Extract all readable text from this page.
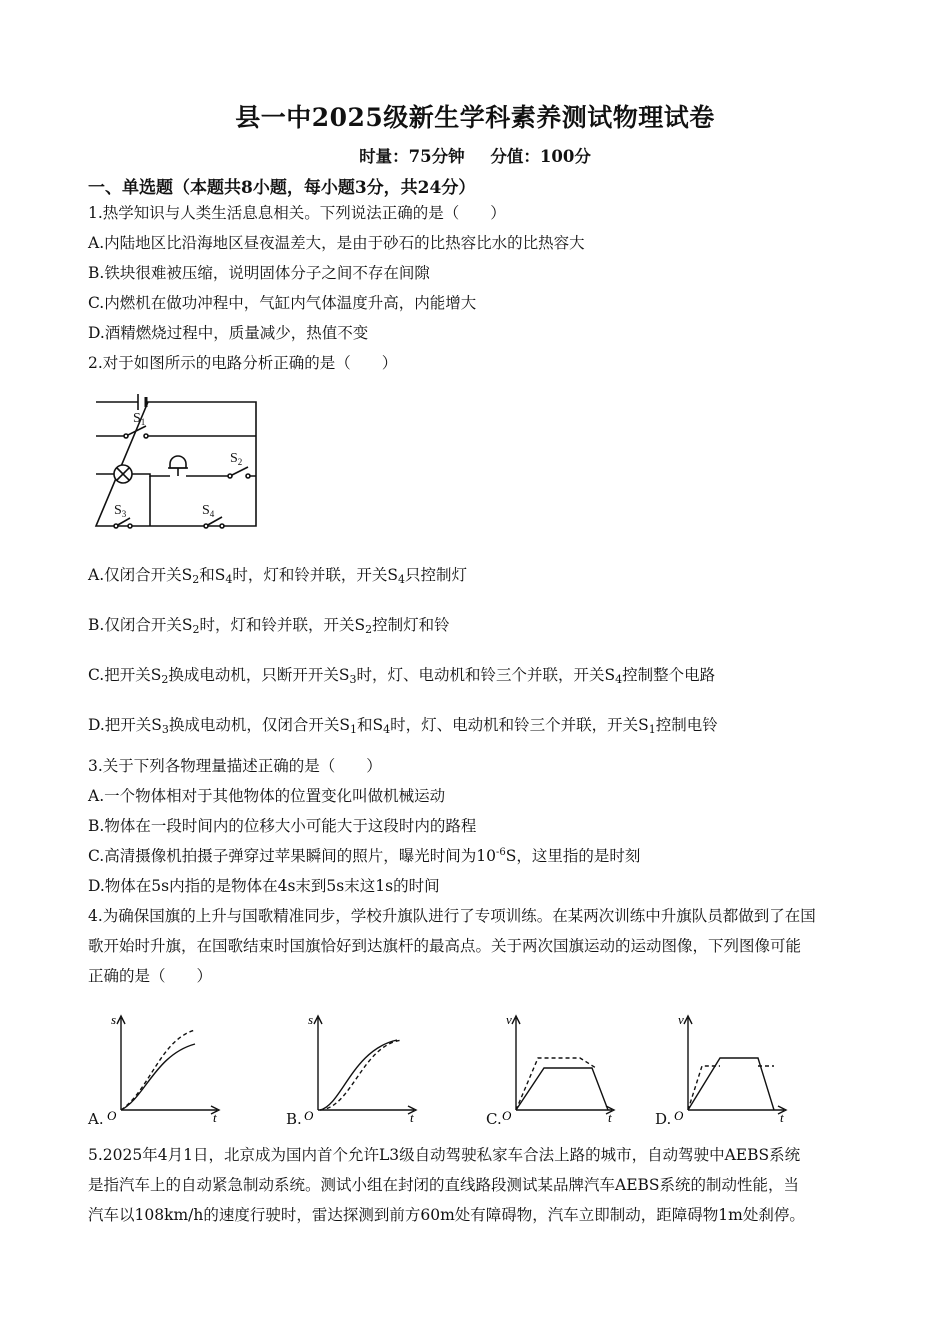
县一中2025级新生学科素养测试物理试卷
时量：75分钟 分值：100分
一、单选题（本题共8小题，每小题3分，共24分）
1.热学知识与人类生活息息相关。下列说法正确的是（　　）
A.内陆地区比沿海地区昼夜温差大，是由于砂石的比热容比水的比热容大
B.铁块很难被压缩，说明固体分子之间不存在间隙
C.内燃机在做功冲程中，气缸内气体温度升高，内能增大
D.酒精燃烧过程中，质量减少，热值不变
2.对于如图所示的电路分析正确的是（　　）
$S_1$
$S_2$
$S_3$	$S_4$
A.仅闭合开关$S_2$和$S_4$时，灯和铃并联，开关$S_4$只控制灯
B.仅闭合开关$S_2$时，灯和铃并联，开关$S_2$控制灯和铃
C.把开关$S_2$换成电动机，只断开开关$S_3$时，灯、电动机和铃三个并联，开关$S_4$控制整个电路
D.把开关$S_3$换成电动机，仅闭合开关$S_1$和$S_4$时，灯、电动机和铃三个并联，开关$S_1$控制电铃
3.关于下列各物理量描述正确的是（　　）
A.一个物体相对于其他物体的位置变化叫做机械运动
B.物体在一段时间内的位移大小可能大于这段时内的路程
C.高清摄像机拍摄子弹穿过苹果瞬间的照片，曝光时间为$10^{-6}S$，这里指的是时刻
D.物体在5s内指的是物体在4s末到5s末这1s的时间
4.为确保国旗的上升与国歌精准同步，学校升旗队进行了专项训练。在某两次训练中升旗队员都做到了在国
歌开始时升旗，在国歌结束时国旗恰好到达旗杆的最高点。关于两次国旗运动的运动图像，下列图像可能
正确的是（　　）
A.
s
t
O	B.
s
t
O	C.
v
t
O	D.
v
t
O
5.2025年4月1日，北京成为国内首个允许L3级自动驾驶私家车合法上路的城市，自动驾驶中AEBS系统
是指汽车上的自动紧急制动系统。测试小组在封闭的直线路段测试某品牌汽车AEBS系统的制动性能，当
汽车以108km/h的速度行驶时，雷达探测到前方60m处有障碍物，汽车立即制动，距障碍物1m处刹停。
